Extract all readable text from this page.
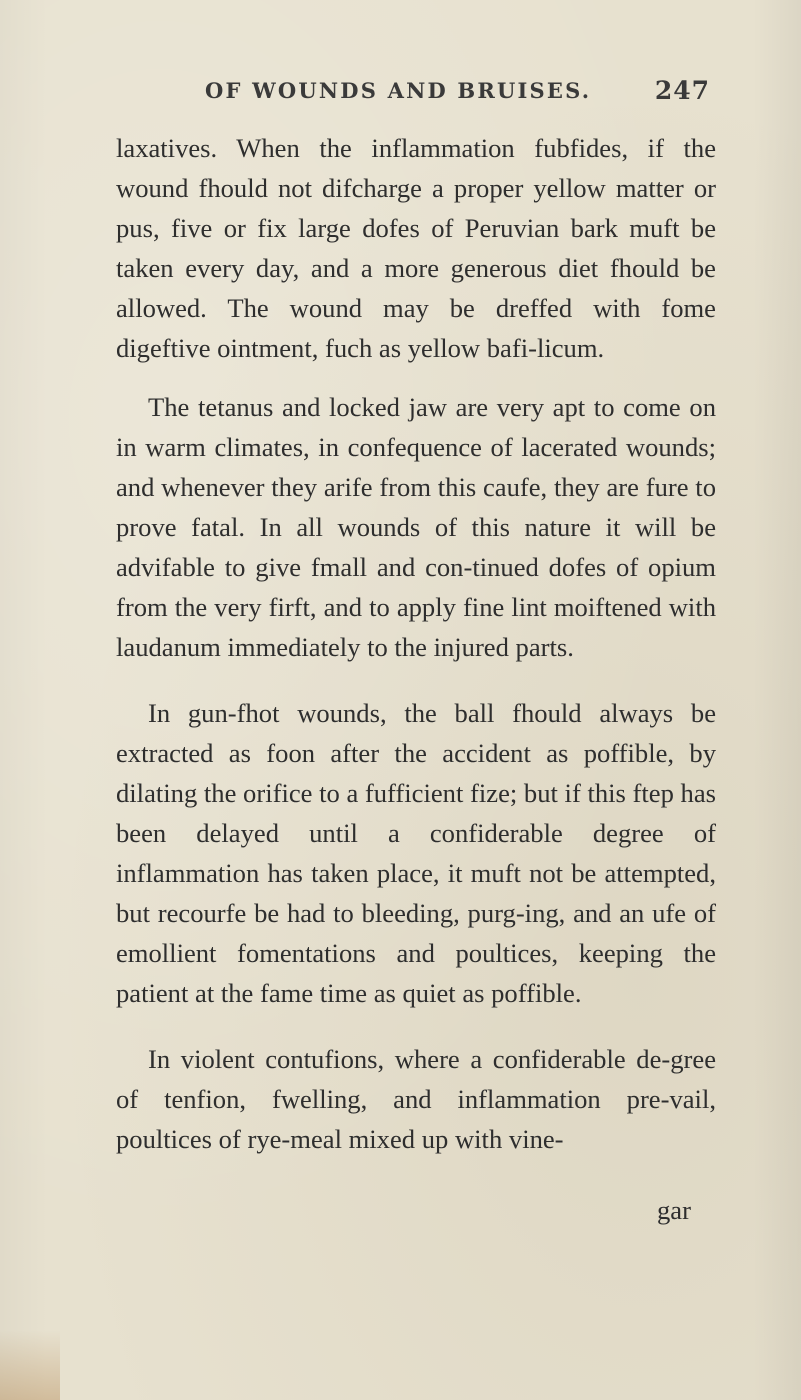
OF WOUNDS AND BRUISES.	247

laxatives. When the inflammation fubfides, if the wound fhould not difcharge a proper yellow matter or pus, five or fix large dofes of Peruvian bark muft be taken every day, and a more generous diet fhould be allowed. The wound may be dreffed with fome digeftive ointment, fuch as yellow bafi-licum.

The tetanus and locked jaw are very apt to come on in warm climates, in confequence of lacerated wounds; and whenever they arife from this caufe, they are fure to prove fatal. In all wounds of this nature it will be advifable to give fmall and con-tinued dofes of opium from the very firft, and to apply fine lint moiftened with laudanum immediately to the injured parts.

In gun-fhot wounds, the ball fhould always be extracted as foon after the accident as poffible, by dilating the orifice to a fufficient fize; but if this ftep has been delayed until a confiderable degree of inflammation has taken place, it muft not be attempted, but recourfe be had to bleeding, purg-ing, and an ufe of emollient fomentations and poultices, keeping the patient at the fame time as quiet as poffible.

In violent contufions, where a confiderable de-gree of tenfion, fwelling, and inflammation pre-vail, poultices of rye-meal mixed up with vine-

gar
